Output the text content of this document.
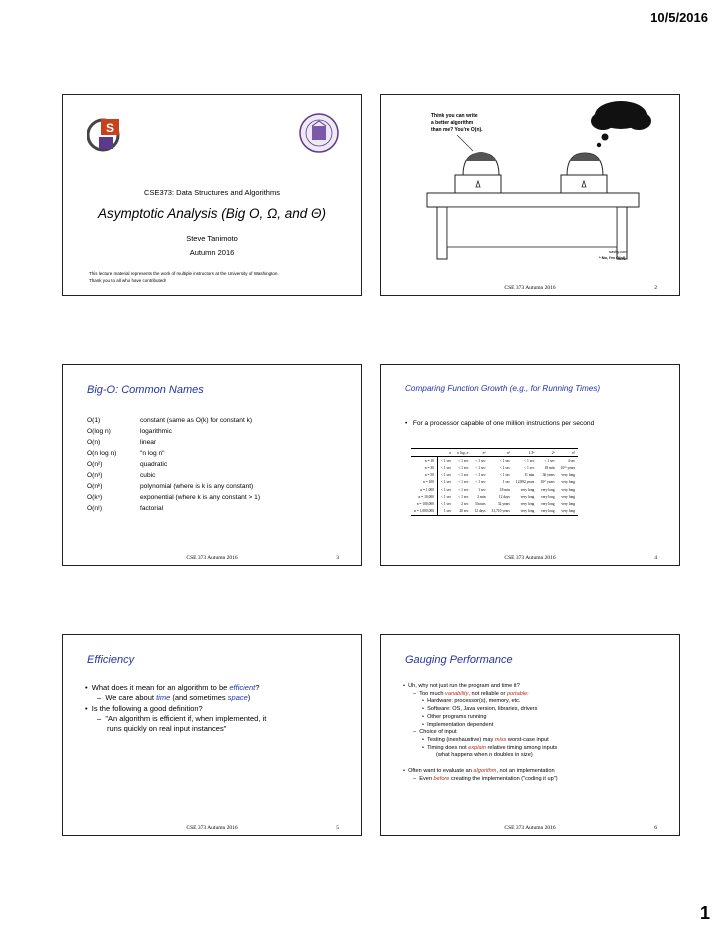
10/5/2016
S
CSE373: Data Structures and Algorithms
Asymptotic Analysis (Big O, Ω, and Θ)
Steve Tanimoto
Autumn 2016
This lecture material represents the work of multiple instructors at the University of Washington.
Thank you to all who have contributed!
Think you can write
a better algorithm
than me? You're O(n).
savky.com
* No, I'm O(nl)
CSE 373 Autumn 2016	2
Big-O: Common Names
O(1)	constant (same as O(k) for constant k)
O(log n)	logarithmic
O(n)	linear
O(n log n)	"n log n"
O(n²)	quadratic
O(n³)	cubic
O(nᵏ)	polynomial (where is k is any constant)
O(kⁿ)	exponential (where k is any constant > 1)
O(n!)	factorial
CSE 373 Autumn 2016	3
Comparing Function Growth (e.g., for Running Times)
•   For a processor capable of one million instructions per second
	n	n log₂ n	n²	n³	1.5ⁿ	2ⁿ	n!
n = 10	< 1 sec	< 1 sec	< 1 sec	< 1 sec	< 1 sec	< 1 sec	4 sec
n = 30	< 1 sec	< 1 sec	< 1 sec	< 1 sec	< 1 sec	18 min	10²⁵ years
n = 50	< 1 sec	< 1 sec	< 1 sec	< 1 sec	11 min	36 years	very long
n = 100	< 1 sec	< 1 sec	< 1 sec	1 sec	12,892 years	10¹⁷ years	very long
n = 1,000	< 1 sec	< 1 sec	1 sec	18 min	very long	very long	very long
n = 10,000	< 1 sec	< 1 sec	2 min	12 days	very long	very long	very long
n = 100,000	< 1 sec	2 sec	3 hours	32 years	very long	very long	very long
n = 1,000,000	1 sec	20 sec	12 days	31,710 years	very long	very long	very long
CSE 373 Autumn 2016	4
Efficiency
•  What does it mean for an algorithm to be efficient?
–  We care about time (and sometimes space)
•  Is the following a good definition?
–  "An algorithm is efficient if, when implemented, it
runs quickly on real input instances"
CSE 373 Autumn 2016	5
Gauging Performance
•  Uh, why not just run the program and time it?
–  Too much variability, not reliable or portable:
•  Hardware: processor(s), memory, etc.
•  Software: OS, Java version, libraries, drivers
•  Other programs running
•  Implementation dependent
–  Choice of input
•  Testing (inexhaustive) may miss worst-case input
•  Timing does not explain relative timing among inputs
(what happens when n doubles in size)
•  Often want to evaluate an algorithm, not an implementation
–  Even before creating the implementation ("coding it up")
CSE 373 Autumn 2016	6
1
